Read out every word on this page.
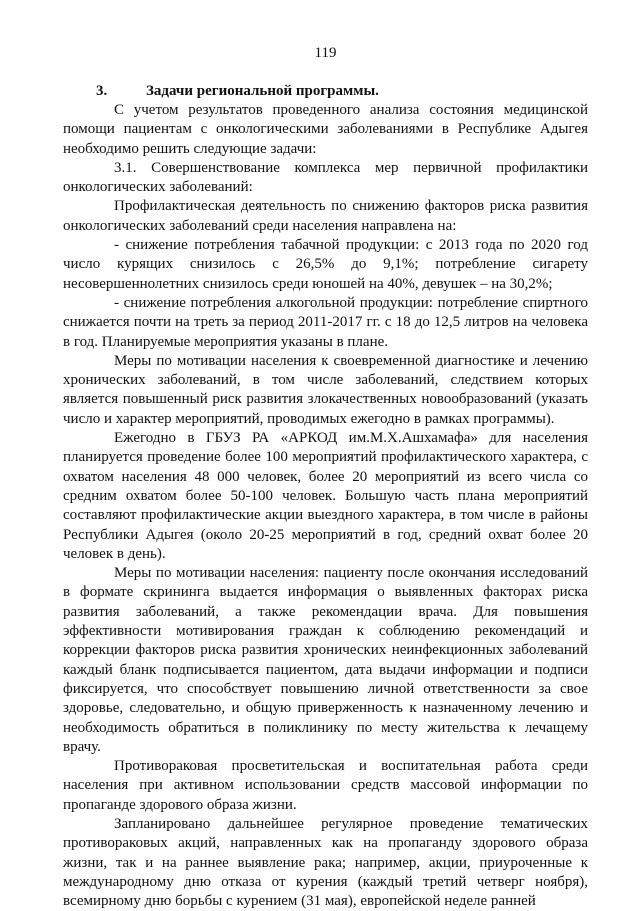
119
3.	Задачи региональной программы.

С учетом результатов проведенного анализа состояния медицинской помощи пациентам с онкологическими заболеваниями в Республике Адыгея необходимо решить следующие задачи:

3.1. Совершенствование комплекса мер первичной профилактики онкологических заболеваний:

Профилактическая деятельность по снижению факторов риска развития онкологических заболеваний среди населения направлена на:

- снижение потребления табачной продукции: с 2013 года по 2020 год число курящих снизилось с 26,5% до 9,1%; потребление сигарету несовершеннолетних снизилось среди юношей на 40%, девушек – на 30,2%;

- снижение потребления алкогольной продукции: потребление спиртного снижается почти на треть за период 2011-2017 гг. с 18 до 12,5 литров на человека в год. Планируемые мероприятия указаны в плане.

Меры по мотивации населения к своевременной диагностике и лечению хронических заболеваний, в том числе заболеваний, следствием которых является повышенный риск развития злокачественных новообразований (указать число и характер мероприятий, проводимых ежегодно в рамках программы).

Ежегодно в ГБУЗ РА «АРКОД им.М.Х.Ашхамафа» для населения планируется проведение более 100 мероприятий профилактического характера, с охватом населения 48 000 человек, более 20 мероприятий из всего числа со средним охватом более 50-100 человек. Большую часть плана мероприятий составляют профилактические акции выездного характера, в том числе в районы Республики Адыгея (около 20-25 мероприятий в год, средний охват более 20 человек в день).

Меры по мотивации населения: пациенту после окончания исследований в формате скрининга выдается информация о выявленных факторах риска развития заболеваний, а также рекомендации врача. Для повышения эффективности мотивирования граждан к соблюдению рекомендаций и коррекции факторов риска развития хронических неинфекционных заболеваний каждый бланк подписывается пациентом, дата выдачи информации и подписи фиксируется, что способствует повышению личной ответственности за свое здоровье, следовательно, и общую приверженность к назначенному лечению и необходимость обратиться в поликлинику по месту жительства к лечащему врачу.

Противораковая просветительская и воспитательная работа среди населения при активном использовании средств массовой информации по пропаганде здорового образа жизни.

Запланировано дальнейшее регулярное проведение тематических противораковых акций, направленных как на пропаганду здорового образа жизни, так и на раннее выявление рака; например, акции, приуроченные к международному дню отказа от курения (каждый третий четверг ноября), всемирному дню борьбы с курением (31 мая), европейской неделе ранней
